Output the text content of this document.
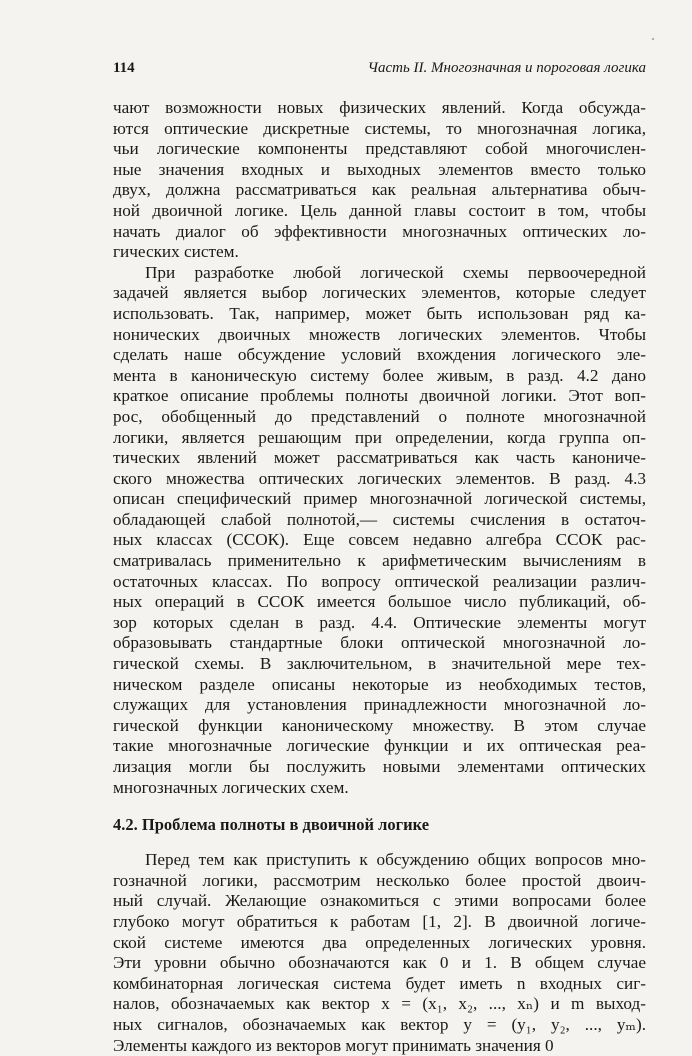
114	Часть II. Многозначная и пороговая логика

чают возможности новых физических явлений. Когда обсужда-
ются оптические дискретные системы, то многозначная логика,
чьи логические компоненты представляют собой многочислен-
ные значения входных и выходных элементов вместо только
двух, должна рассматриваться как реальная альтернатива обыч-
ной двоичной логике. Цель данной главы состоит в том, чтобы
начать диалог об эффективности многозначных оптических ло-
гических систем.

При разработке любой логической схемы первоочередной
задачей является выбор логических элементов, которые следует
использовать. Так, например, может быть использован ряд ка-
нонических двоичных множеств логических элементов. Чтобы
сделать наше обсуждение условий вхождения логического эле-
мента в каноническую систему более живым, в разд. 4.2 дано
краткое описание проблемы полноты двоичной логики. Этот воп-
рос, обобщенный до представлений о полноте многозначной
логики, является решающим при определении, когда группа оп-
тических явлений может рассматриваться как часть канониче-
ского множества оптических логических элементов. В разд. 4.3
описан специфический пример многозначной логической системы,
обладающей слабой полнотой,— системы счисления в остаточ-
ных классах (ССОК). Еще совсем недавно алгебра ССОК рас-
сматривалась применительно к арифметическим вычислениям в
остаточных классах. По вопросу оптической реализации различ-
ных операций в ССОК имеется большое число публикаций, об-
зор которых сделан в разд. 4.4. Оптические элементы могут
образовывать стандартные блоки оптической многозначной ло-
гической схемы. В заключительном, в значительной мере тех-
ническом разделе описаны некоторые из необходимых тестов,
служащих для установления принадлежности многозначной ло-
гической функции каноническому множеству. В этом случае
такие многозначные логические функции и их оптическая реа-
лизация могли бы послужить новыми элементами оптических
многозначных логических схем.

4.2. Проблема полноты в двоичной логике

Перед тем как приступить к обсуждению общих вопросов мно-
гозначной логики, рассмотрим несколько более простой двоич-
ный случай. Желающие ознакомиться с этими вопросами более
глубоко могут обратиться к работам [1, 2]. В двоичной логиче-
ской системе имеются два определенных логических уровня.
Эти уровни обычно обозначаются как 0 и 1. В общем случае
комбинаторная логическая система будет иметь n входных сиг-
налов, обозначаемых как вектор x = (x₁, x₂, ..., xₙ) и m выход-
ных сигналов, обозначаемых как вектор y = (y₁, y₂, ..., yₘ).
Элементы каждого из векторов могут принимать значения 0
